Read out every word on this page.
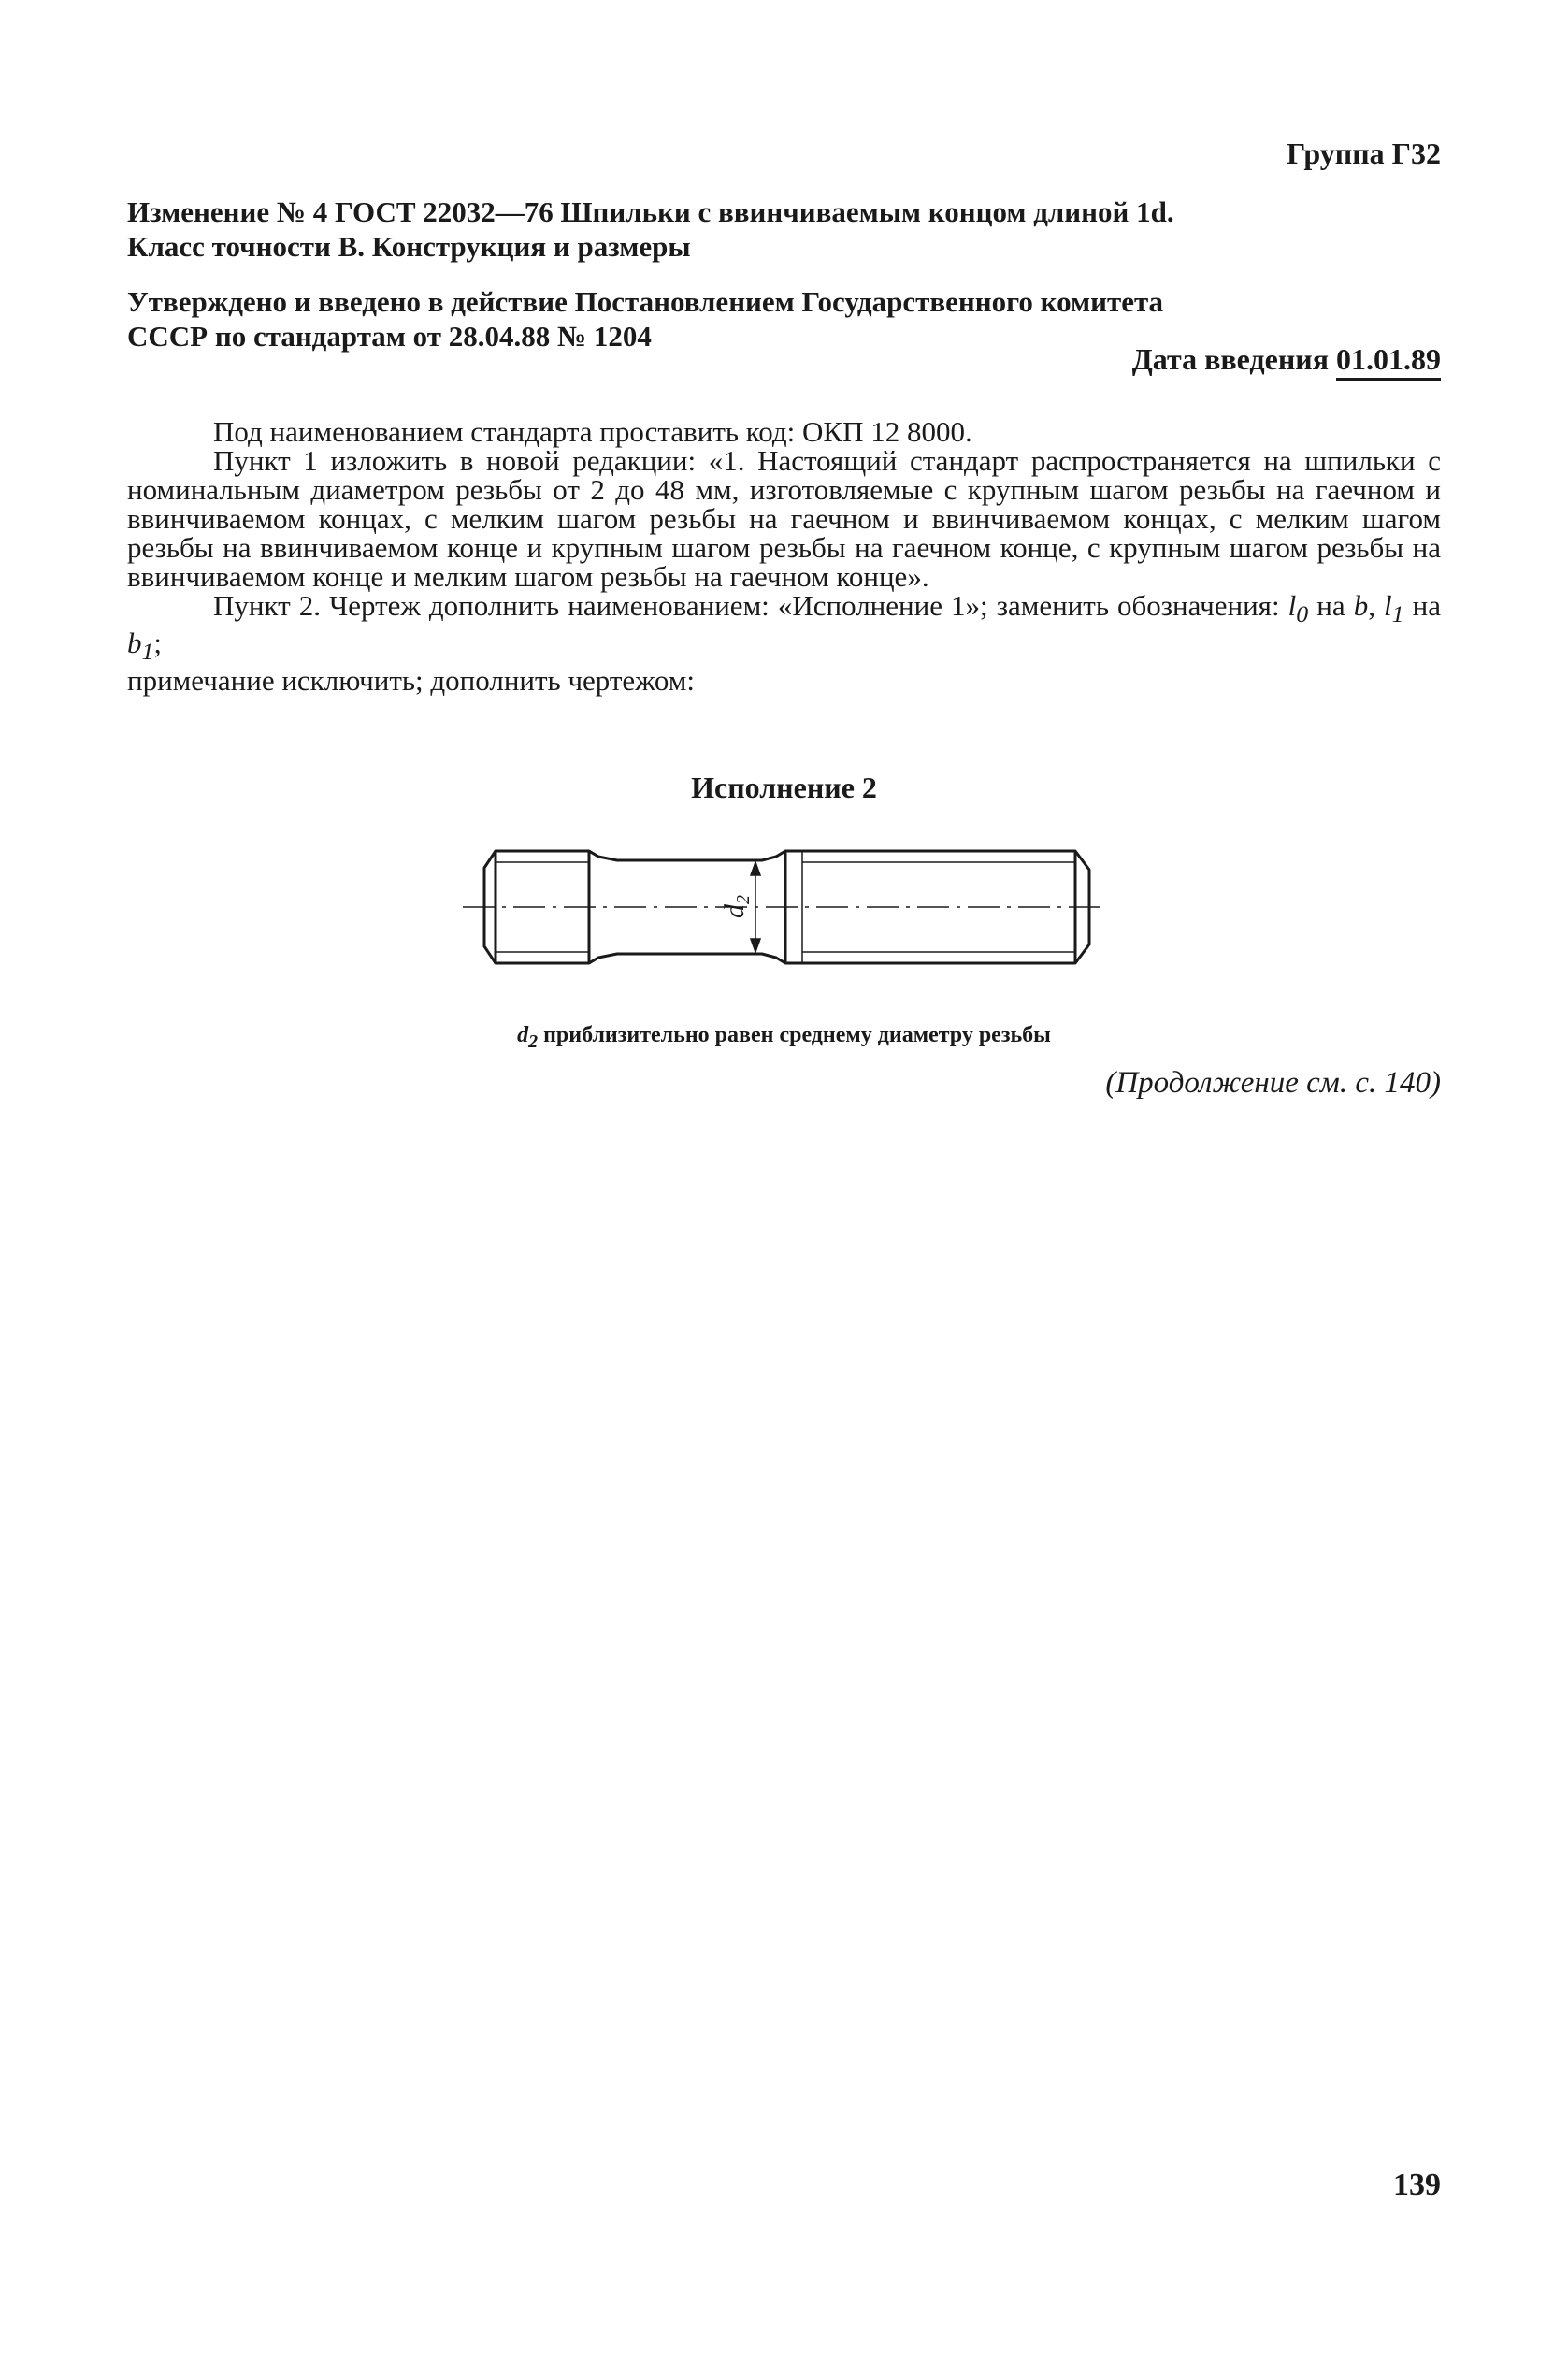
Группа Г32
Изменение № 4 ГОСТ 22032—76 Шпильки с ввинчиваемым концом длиной 1d.
Класс точности В. Конструкция и размеры
Утверждено и введено в действие Постановлением Государственного комитета
СССР по стандартам от 28.04.88 № 1204
Дата введения 01.01.89

Под наименованием стандарта проставить код: ОКП 12 8000.

Пункт 1 изложить в новой редакции: «1. Настоящий стандарт распространяется на шпильки с номинальным диаметром резьбы от 2 до 48 мм, изготовляемые с крупным шагом резьбы на гаечном и ввинчиваемом концах, с мелким шагом резьбы на гаечном и ввинчиваемом концах, с мелким шагом резьбы на ввинчиваемом конце и крупным шагом резьбы на гаечном конце, с крупным шагом резьбы на ввинчиваемом конце и мелким шагом резьбы на гаечном конце».

Пункт 2. Чертеж дополнить наименованием: «Исполнение 1»; заменить обозначения: $l_0$ на b, $l_1$ на $b_1$;

примечание исключить; дополнить чертежом:

Исполнение 2
$d_2$
$d_2$ приблизительно равен среднему диаметру резьбы
(Продолжение см. с. 140)
139
